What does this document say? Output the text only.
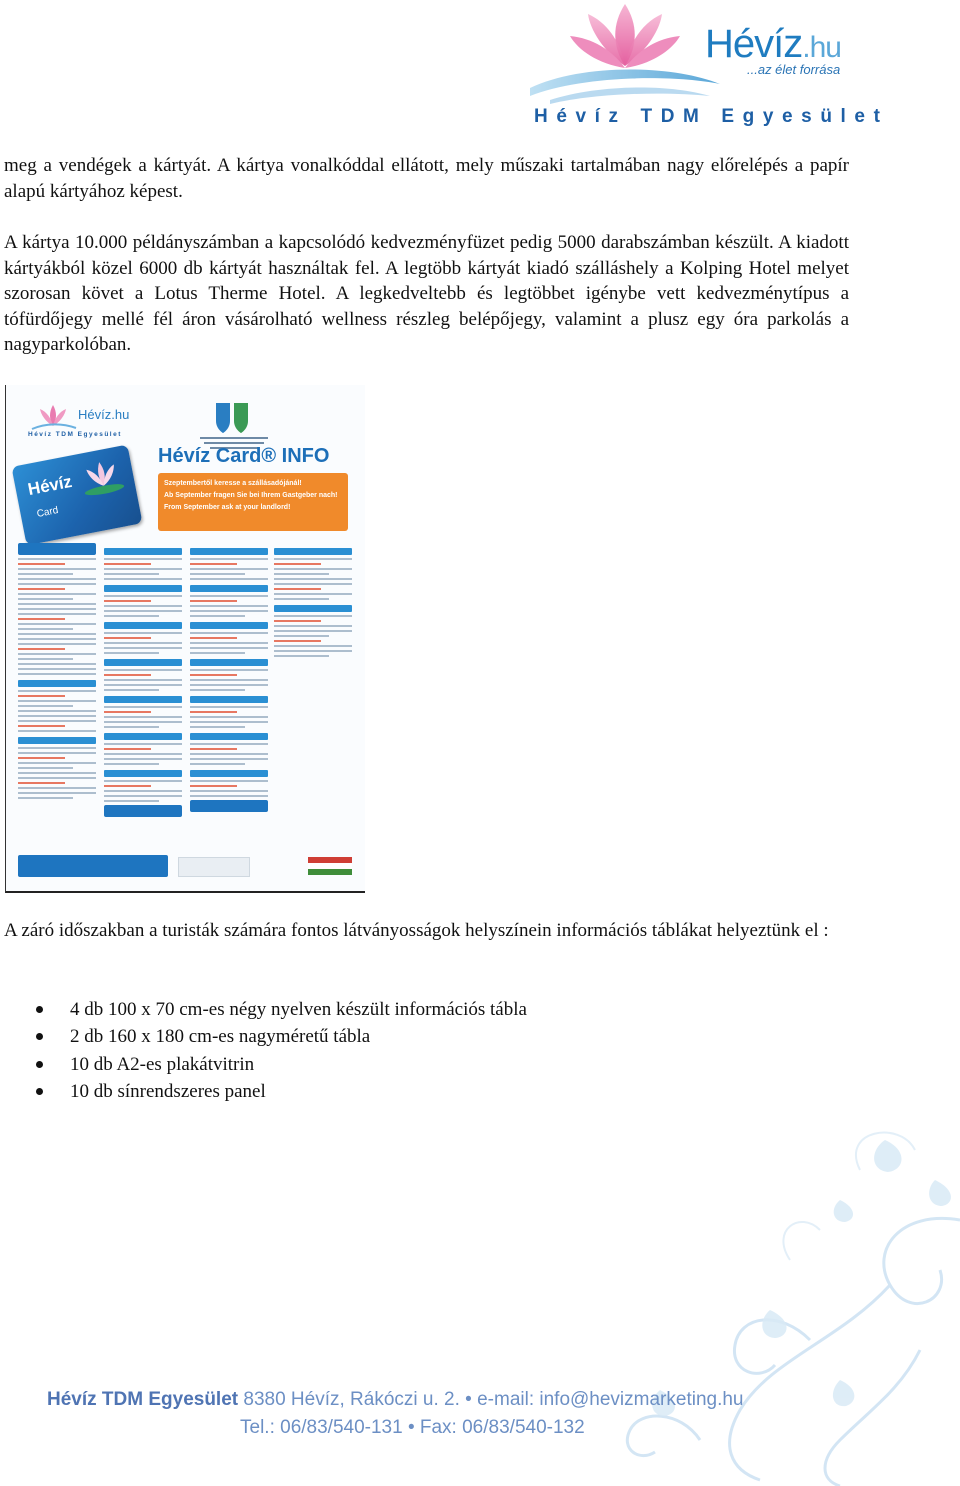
Hévíz.hu
...az élet forrása
Hévíz TDM Egyesület
meg a vendégek a kártyát. A kártya vonalkóddal ellátott, mely műszaki tartalmában nagy előrelépés a papír alapú kártyához képest.
A kártya 10.000 példányszámban a kapcsolódó kedvezményfüzet pedig 5000 darabszámban készült. A kiadott kártyákból közel 6000 db kártyát használtak fel. A legtöbb kártyát kiadó szálláshely a Kolping Hotel melyet szorosan követ a Lotus Therme Hotel. A legkedveltebb és legtöbbet igénybe vett kedvezménytípus a tófürdőjegy mellé fél áron vásárolható wellness részleg belépőjegy, valamint a plusz egy óra parkolás a nagyparkolóban.
Hévíz.hu
Hévíz TDM Egyesület
Hévíz
Card
Hévíz Card® INFO
Szeptembertől keresse a szállásadójánál!
Ab September fragen Sie bei Ihrem Gastgeber nach!
From September ask at your landlord!
A záró időszakban a turisták számára fontos látványosságok helyszínein információs táblákat helyeztünk el :
4 db 100 x 70 cm-es négy nyelven készült információs tábla
2 db 160 x 180 cm-es nagyméretű tábla
10 db A2-es plakátvitrin
10 db sínrendszeres panel
Hévíz TDM Egyesület 8380 Hévíz, Rákóczi u. 2. • e-mail: info@hevizmarketing.hu
Tel.: 06/83/540-131 • Fax: 06/83/540-132
